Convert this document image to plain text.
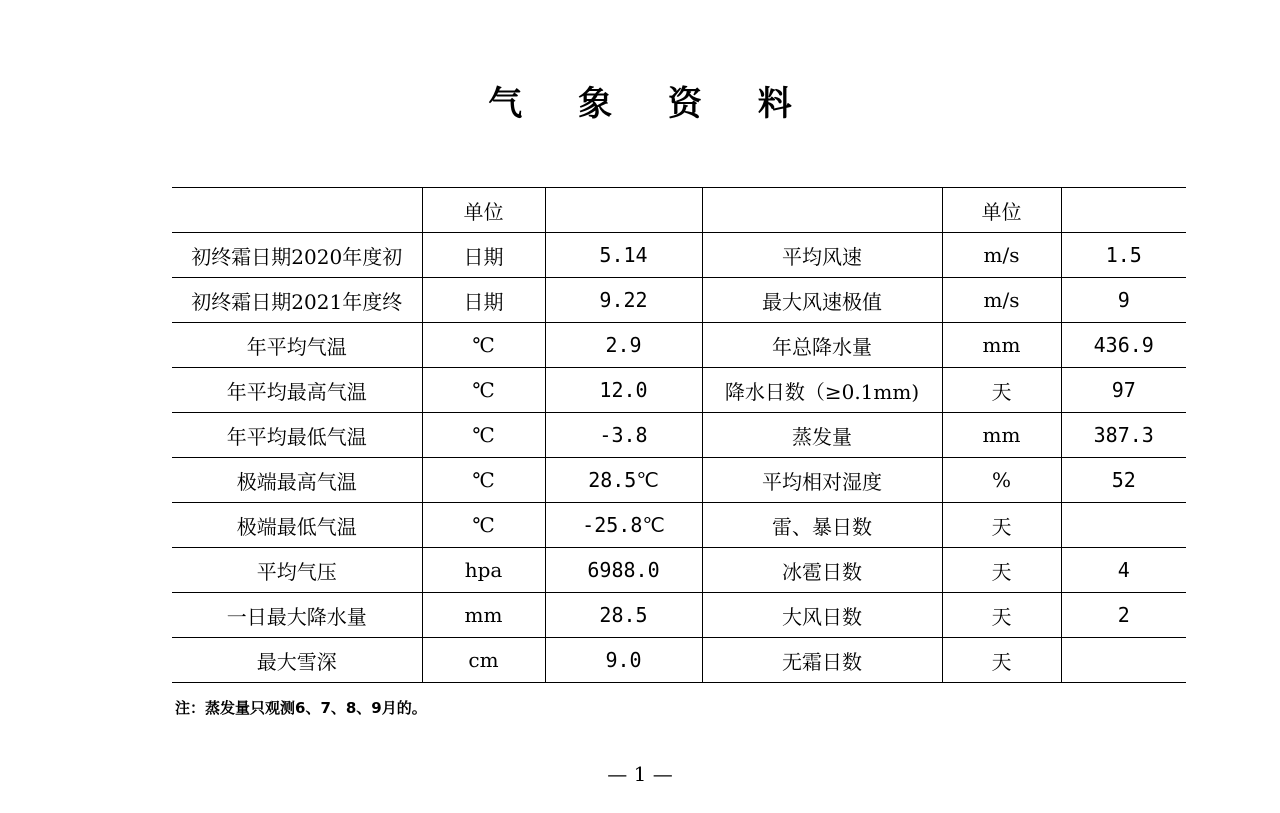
气 象 资 料
	单位			单位	
初终霜日期2020年度初	日期	5.14	平均风速	m/s	1.5
初终霜日期2021年度终	日期	9.22	最大风速极值	m/s	9
年平均气温	℃	2.9	年总降水量	mm	436.9
年平均最高气温	℃	12.0	降水日数（≥0.1mm)	天	97
年平均最低气温	℃	-3.8	蒸发量	mm	387.3
极端最高气温	℃	28.5℃	平均相对湿度	%	52
极端最低气温	℃	-25.8℃	雷、暴日数	天	
平均气压	hpa	6988.0	冰雹日数	天	4
一日最大降水量	mm	28.5	大风日数	天	2
最大雪深	cm	9.0	无霜日数	天	
注：蒸发量只观测6、7、8、9月的。
— 1 —
